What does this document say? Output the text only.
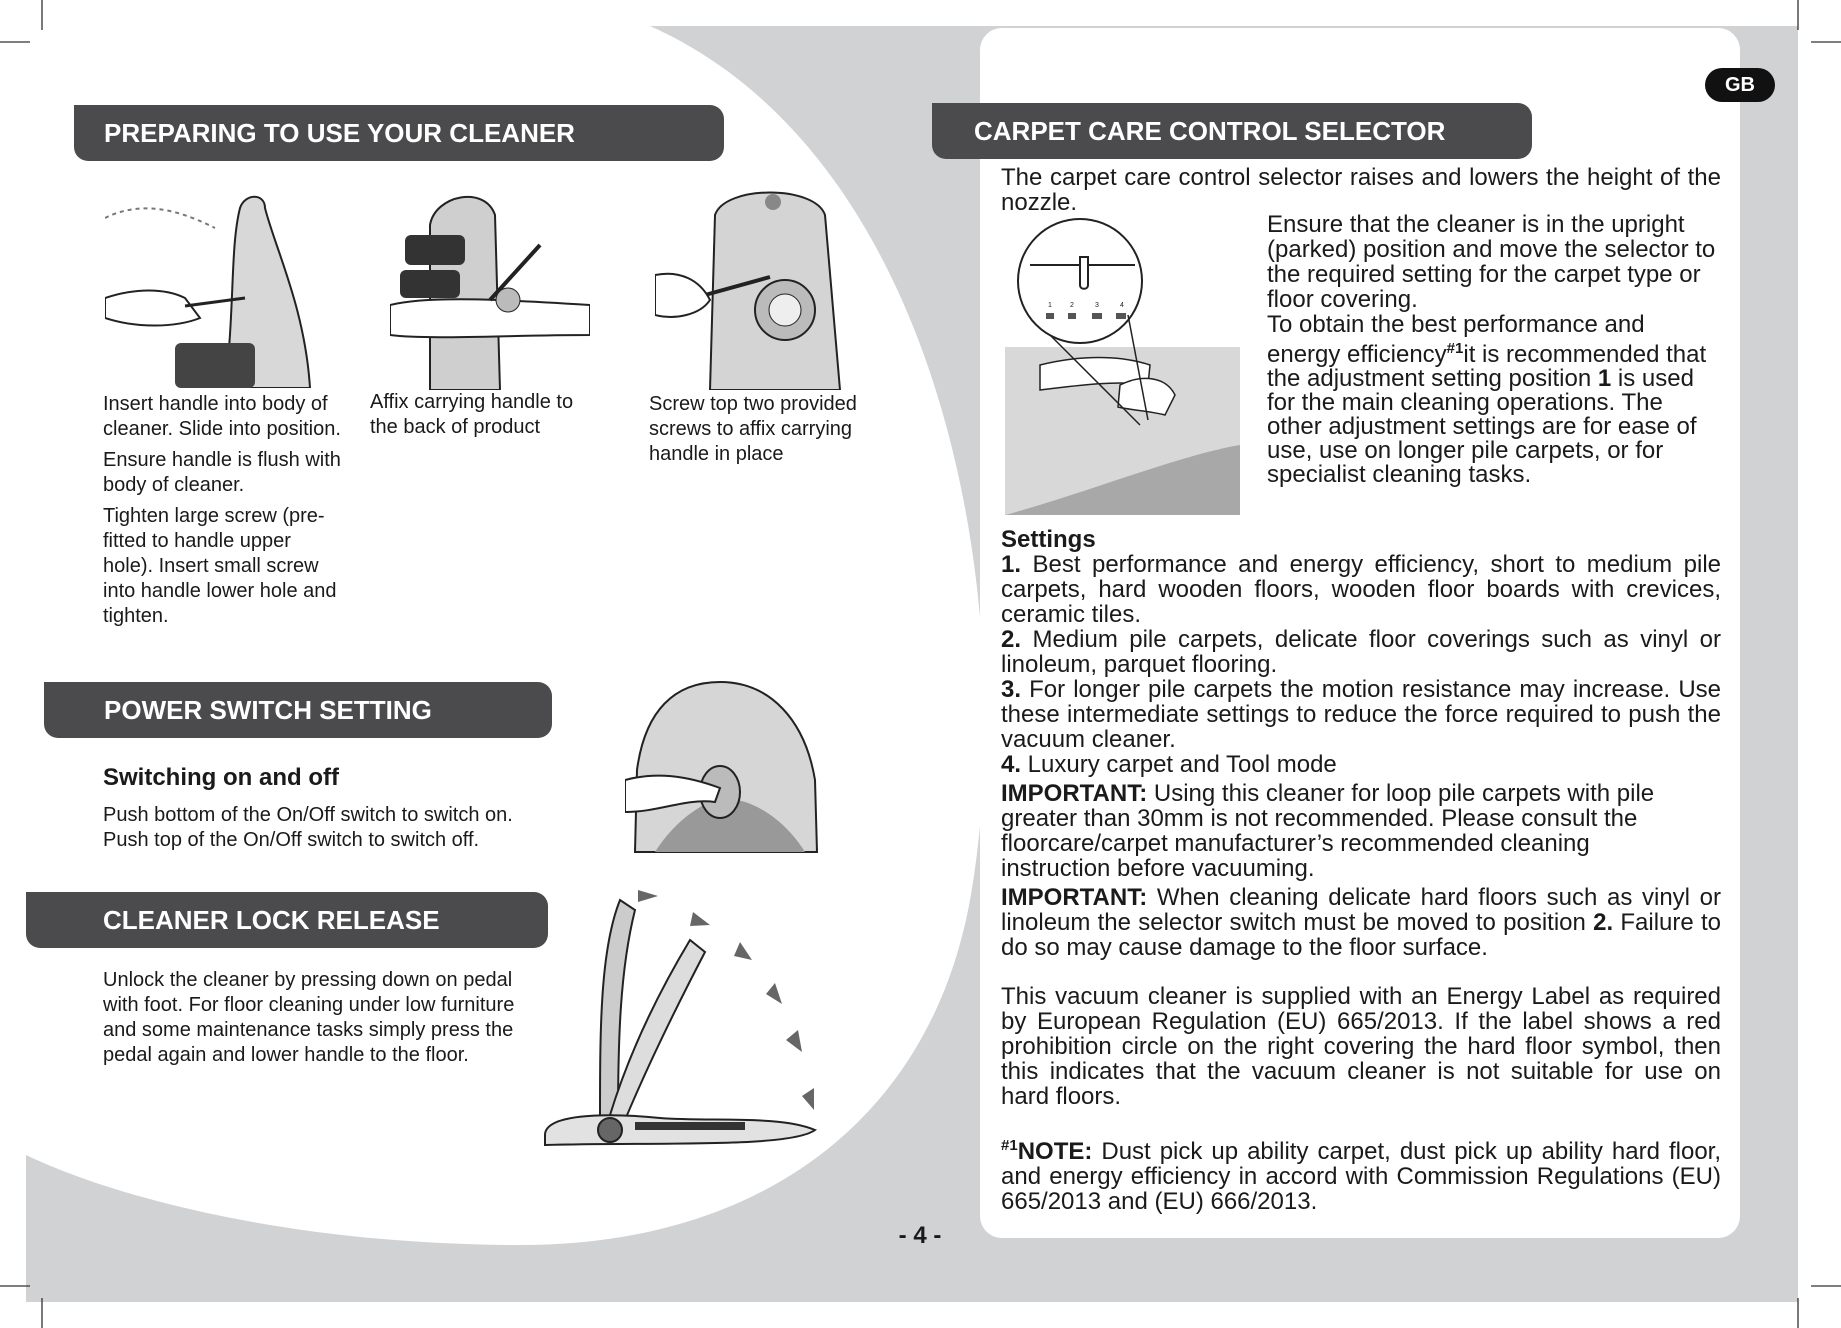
GB
PREPARING TO USE YOUR CLEANER

Insert handle into body of cleaner. Slide into position.

Ensure handle is flush with body of cleaner.

Tighten large screw (pre-fitted to handle upper hole). Insert small screw into handle lower hole and tighten.

Affix carrying handle to the back of product
Screw top two provided screws to affix carrying handle in place
POWER SWITCH SETTING
Switching on and off
Push bottom of the On/Off switch to switch on.
Push top of the On/Off switch to switch off.
CLEANER LOCK RELEASE
Unlock the cleaner by pressing down on pedal with foot. For floor cleaning under low furniture and some maintenance tasks simply press the pedal again and lower handle to the floor.
CARPET CARE CONTROL SELECTOR
The carpet care control selector raises and lowers the height of the nozzle.
1	2	3	4
Ensure that the cleaner is in the upright (parked) position and move the selector to the required setting for the carpet type or floor covering.
To obtain the best performance and energy efficiency$^{\#1}$it is recommended that the adjustment setting position 1 is used for the main cleaning operations. The other adjustment settings are for ease of use, use on longer pile carpets, or for specialist cleaning tasks.

Settings

1. Best performance and energy efficiency, short to medium pile carpets, hard wooden floors, wooden floor boards with crevices, ceramic tiles.

2. Medium pile carpets, delicate floor coverings such as vinyl or linoleum, parquet flooring.

3. For longer pile carpets the motion resistance may increase. Use these intermediate settings to reduce the force required to push the vacuum cleaner.

4. Luxury carpet and Tool mode

IMPORTANT: Using this cleaner for loop pile carpets with pile greater than 30mm is not recommended. Please consult the floorcare/carpet manufacturer’s recommended cleaning instruction before vacuuming.

IMPORTANT: When cleaning delicate hard floors such as vinyl or linoleum the selector switch must be moved to position 2. Failure to do so may cause damage to the floor surface.

This vacuum cleaner is supplied with an Energy Label as required by European Regulation (EU) 665/2013. If the label shows a red prohibition circle on the right covering the hard floor symbol, then this indicates that the vacuum cleaner is not suitable for use on hard floors.

$^{\#1}$NOTE: Dust pick up ability carpet, dust pick up ability hard floor, and energy efficiency in accord with Commission Regulations (EU) 665/2013 and (EU) 666/2013.

- 4 -
